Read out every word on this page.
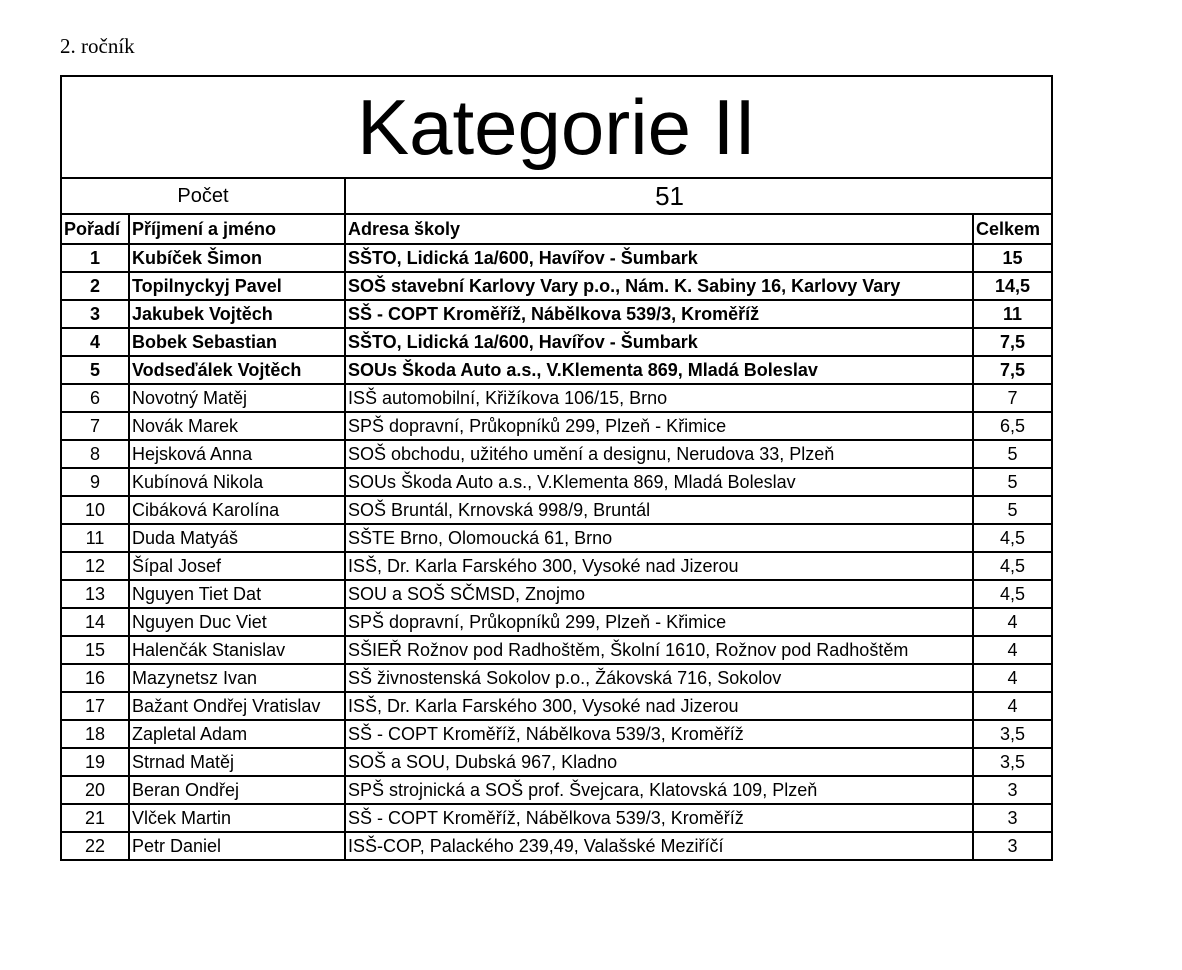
2. ročník
Kategorie II			
Počet		51	
Pořadí	Příjmení a jméno	Adresa školy	Celkem
1	Kubíček Šimon	SŠTO, Lidická 1a/600, Havířov - Šumbark	15
2	Topilnyckyj Pavel	SOŠ stavební Karlovy Vary p.o., Nám. K. Sabiny 16, Karlovy Vary	14,5
3	Jakubek Vojtěch	SŠ - COPT Kroměříž, Nábělkova 539/3, Kroměříž	11
4	Bobek Sebastian	SŠTO, Lidická 1a/600, Havířov - Šumbark	7,5
5	Vodseďálek Vojtěch	SOUs Škoda Auto a.s., V.Klementa 869, Mladá Boleslav	7,5
6	Novotný Matěj	ISŠ automobilní, Křižíkova 106/15, Brno	7
7	Novák Marek	SPŠ dopravní, Průkopníků 299, Plzeň - Křimice	6,5
8	Hejsková Anna	SOŠ obchodu, užitého umění a designu, Nerudova 33, Plzeň	5
9	Kubínová Nikola	SOUs Škoda Auto a.s., V.Klementa 869, Mladá Boleslav	5
10	Cibáková Karolína	SOŠ Bruntál, Krnovská 998/9, Bruntál	5
11	Duda Matyáš	SŠTE Brno, Olomoucká 61, Brno	4,5
12	Šípal Josef	ISŠ, Dr. Karla Farského 300, Vysoké nad Jizerou	4,5
13	Nguyen Tiet Dat	SOU a SOŠ SČMSD, Znojmo	4,5
14	Nguyen Duc Viet	SPŠ dopravní, Průkopníků 299, Plzeň - Křimice	4
15	Halenčák Stanislav	SŠIEŘ Rožnov pod Radhoštěm, Školní 1610, Rožnov pod Radhoštěm	4
16	Mazynetsz Ivan	SŠ živnostenská Sokolov p.o., Žákovská 716, Sokolov	4
17	Bažant Ondřej Vratislav	ISŠ, Dr. Karla Farského 300, Vysoké nad Jizerou	4
18	Zapletal Adam	SŠ - COPT Kroměříž, Nábělkova 539/3, Kroměříž	3,5
19	Strnad Matěj	SOŠ a SOU, Dubská 967, Kladno	3,5
20	Beran Ondřej	SPŠ strojnická a SOŠ prof. Švejcara, Klatovská 109, Plzeň	3
21	Vlček Martin	SŠ - COPT Kroměříž, Nábělkova 539/3, Kroměříž	3
22	Petr Daniel	ISŠ-COP, Palackého 239,49, Valašské Meziříčí	3
